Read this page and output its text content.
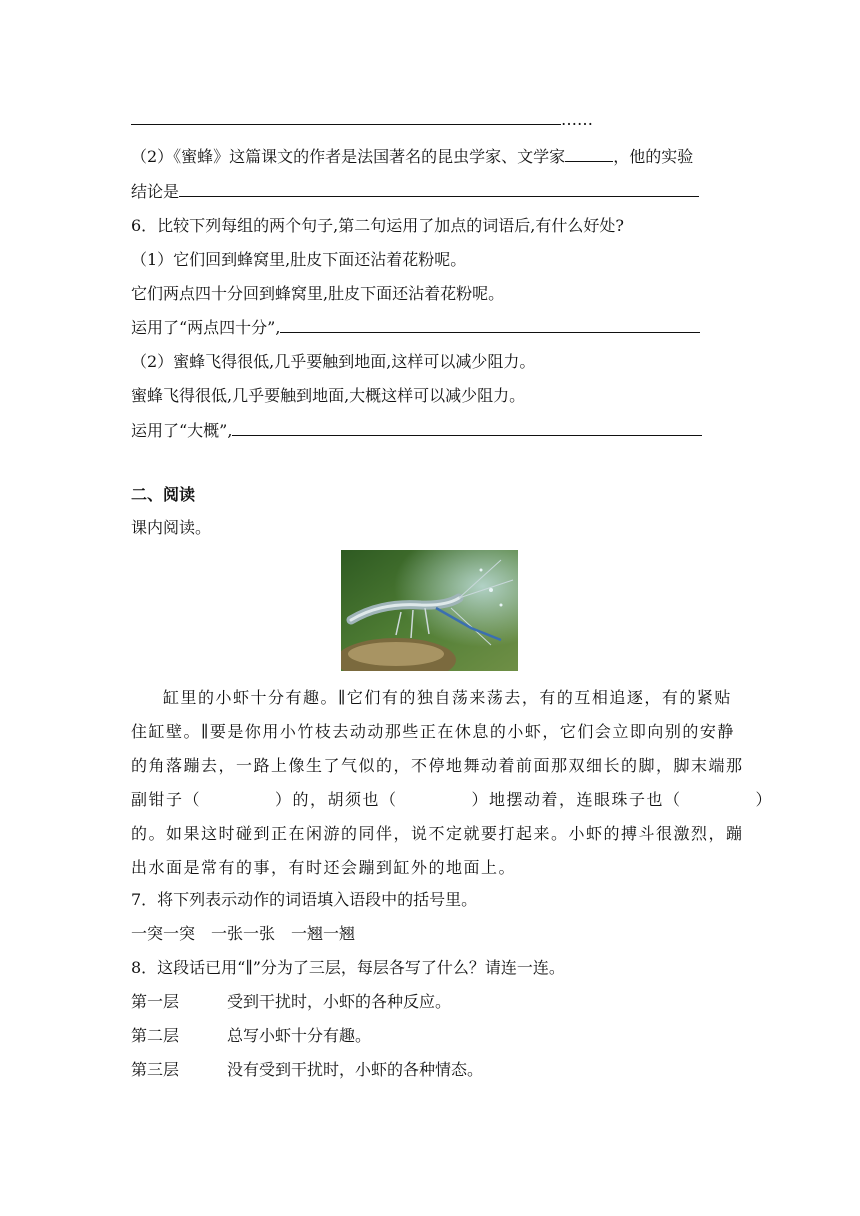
……
（2）《蜜蜂》这篇课文的作者是法国著名的昆虫学家、文学家	，他的实验
结论是
6．比较下列每组的两个句子,第二句运用了加点的词语后,有什么好处?
（1）它们回到蜂窝里,肚皮下面还沾着花粉呢。
它们两点四十分回到蜂窝里,肚皮下面还沾着花粉呢。
运用了“两点四十分”,
（2）蜜蜂飞得很低,几乎要触到地面,这样可以减少阻力。
蜜蜂飞得很低,几乎要触到地面,大概这样可以减少阻力。
运用了“大概”,
二、阅读
课内阅读。
缸里的小虾十分有趣。∥它们有的独自荡来荡去，有的互相追逐，有的紧贴
住缸壁。∥要是你用小竹枝去动动那些正在休息的小虾，它们会立即向别的安静
的角落蹦去，一路上像生了气似的，不停地舞动着前面那双细长的脚，脚末端那
副钳子（	）的，胡须也（	）地摆动着，连眼珠子也（	）
的。如果这时碰到正在闲游的同伴，说不定就要打起来。小虾的搏斗很激烈，蹦
出水面是常有的事，有时还会蹦到缸外的地面上。
7．将下列表示动作的词语填入语段中的括号里。
一突一突　一张一张　一翘一翘
8．这段话已用“∥”分为了三层，每层各写了什么？请连一连。
第一层	受到干扰时，小虾的各种反应。
第二层	总写小虾十分有趣。
第三层	没有受到干扰时，小虾的各种情态。
